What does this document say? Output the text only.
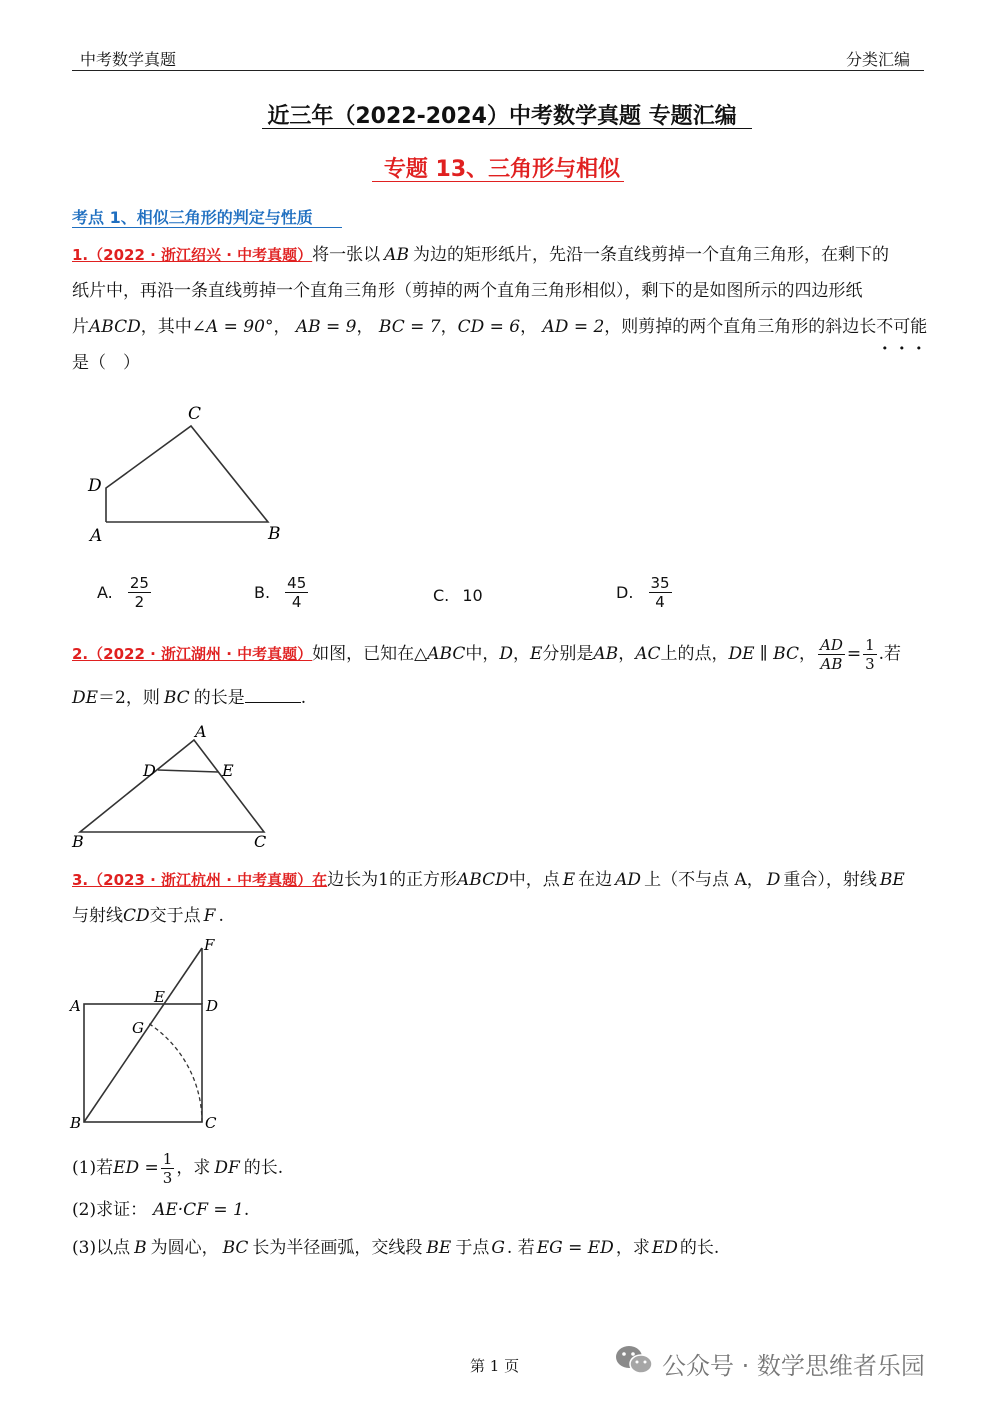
中考数学真题	分类汇编
近三年（2022-2024）中考数学真题 专题汇编
专题 13、三角形与相似
考点 1、相似三角形的判定与性质
1.（2022 · 浙江绍兴 · 中考真题）将一张以 AB 为边的矩形纸片，先沿一条直线剪掉一个直角三角形，在剩下的
纸片中，再沿一条直线剪掉一个直角三角形（剪掉的两个直角三角形相似），剩下的是如图所示的四边形纸
片ABCD，其中∠A = 90°， AB = 9， BC = 7，CD = 6， AD = 2，则剪掉的两个直角三角形的斜边长不可能
是（　）
C
D
A	B
A. $\frac{25}{2}$	B. $\frac{45}{4}$	C. 10	D. $\frac{35}{4}$
2.（2022 · 浙江湖州 · 中考真题）如图，已知在△ABC中，D，E分别是AB，AC上的点，DE ∥ BC， $\frac{AD}{AB} = \frac{1}{3}$ .若
DE＝2，则 BC 的长是	.
A
D	E
B	C
3.（2023 · 浙江杭州 · 中考真题）在边长为1的正方形ABCD中，点 E 在边 AD 上（不与点 A， D 重合），射线 BE
与射线CD交于点 F .
F
A	E	D
G
B	C
(1)若ED = $\frac{1}{3}$ ，求 DF 的长.
(2)求证： AE·CF = 1.
(3)以点 B 为圆心， BC 长为半径画弧，交线段 BE 于点 G . 若 EG = ED ，求 ED 的长.
第 1 页	公众号 · 数学思维者乐园
